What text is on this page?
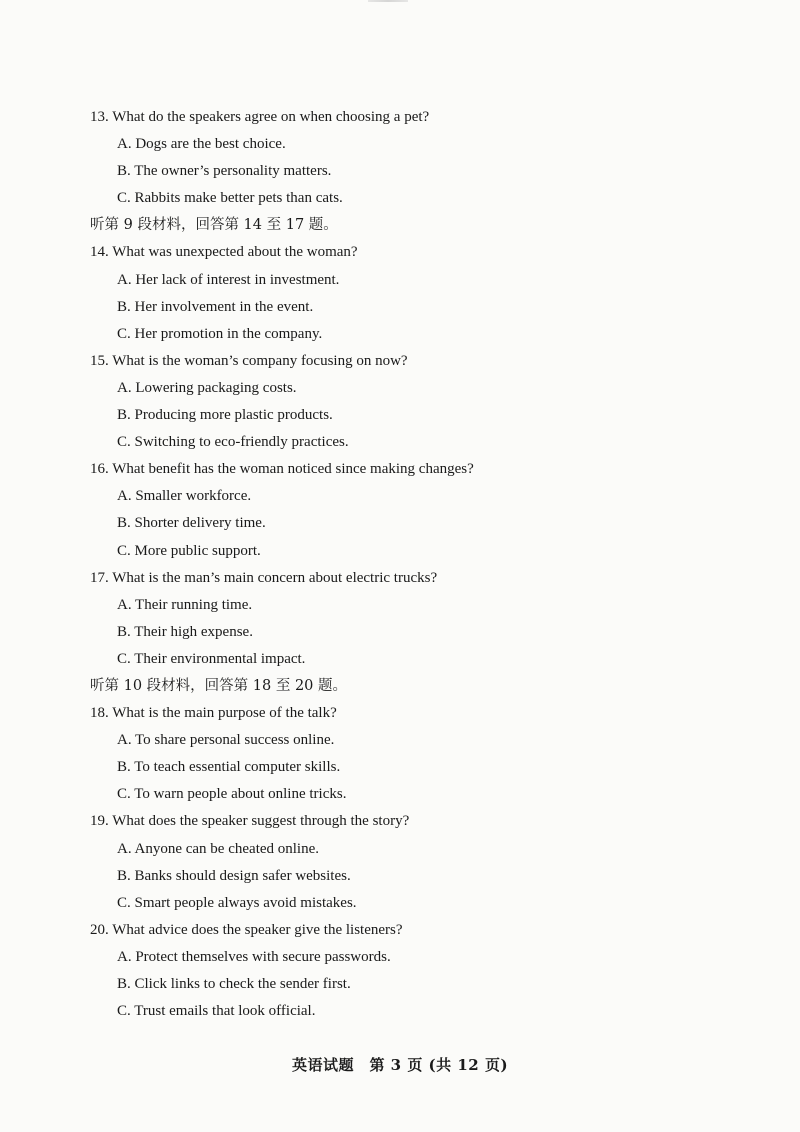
13. What do the speakers agree on when choosing a pet?
A. Dogs are the best choice.
B. The owner’s personality matters.
C. Rabbits make better pets than cats.
听第 9 段材料，回答第 14 至 17 题。
14. What was unexpected about the woman?
A. Her lack of interest in investment.
B. Her involvement in the event.
C. Her promotion in the company.
15. What is the woman’s company focusing on now?
A. Lowering packaging costs.
B. Producing more plastic products.
C. Switching to eco-friendly practices.
16. What benefit has the woman noticed since making changes?
A. Smaller workforce.
B. Shorter delivery time.
C. More public support.
17. What is the man’s main concern about electric trucks?
A. Their running time.
B. Their high expense.
C. Their environmental impact.
听第 10 段材料，回答第 18 至 20 题。
18. What is the main purpose of the talk?
A. To share personal success online.
B. To teach essential computer skills.
C. To warn people about online tricks.
19. What does the speaker suggest through the story?
A. Anyone can be cheated online.
B. Banks should design safer websites.
C. Smart people always avoid mistakes.
20. What advice does the speaker give the listeners?
A. Protect themselves with secure passwords.
B. Click links to check the sender first.
C. Trust emails that look official.
英语试题　第 3 页 (共 12 页)
